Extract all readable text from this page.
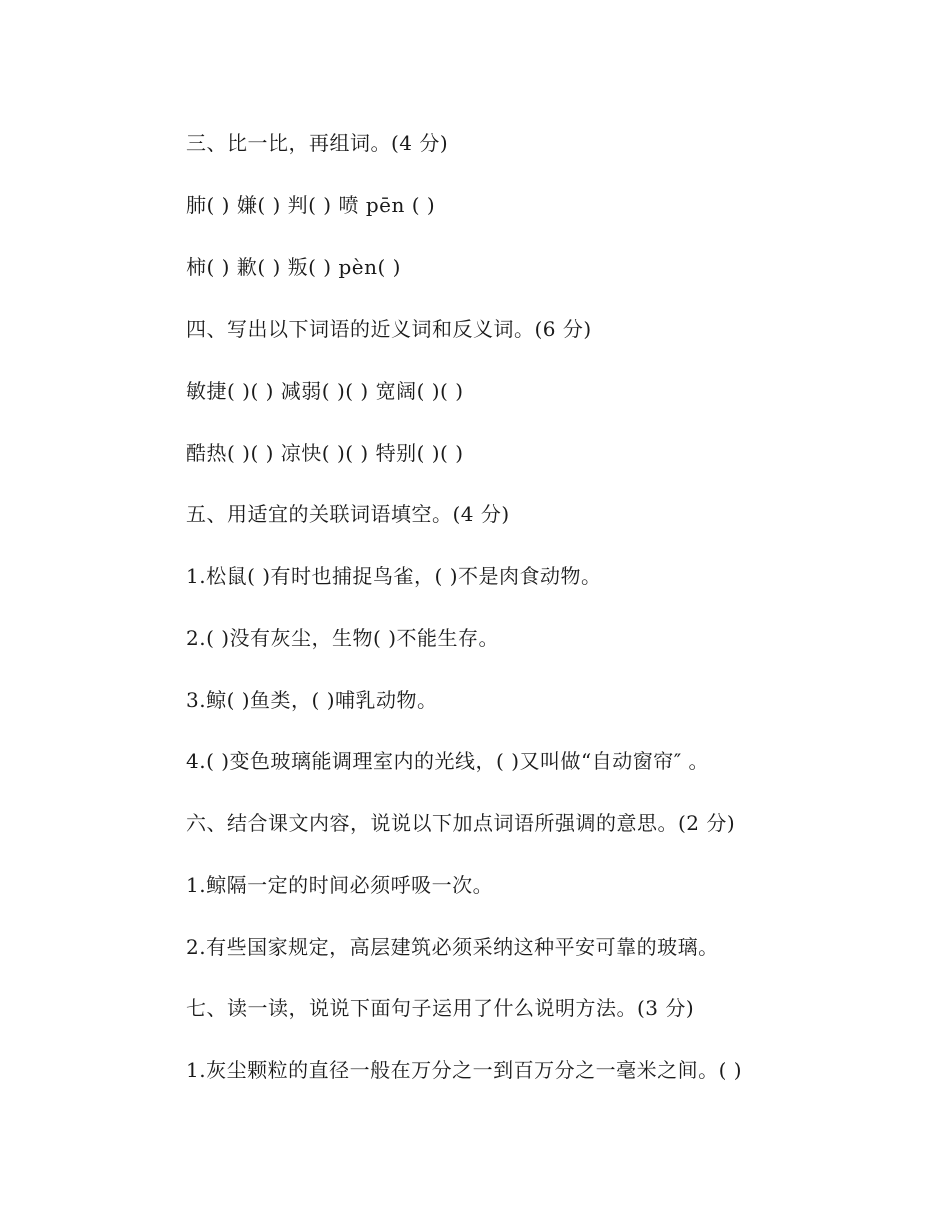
三、比一比，再组词。(4 分)
肺( ) 嫌( ) 判( ) 喷 pēn ( )
柿( ) 歉( ) 叛( ) pèn( )
四、写出以下词语的近义词和反义词。(6 分)
敏捷( )( ) 减弱( )( ) 宽阔( )( )
酷热( )( ) 凉快( )( ) 特别( )( )
五、用适宜的关联词语填空。(4 分)
1.松鼠( )有时也捕捉鸟雀，( )不是肉食动物。
2.( )没有灰尘，生物( )不能生存。
3.鲸( )鱼类，( )哺乳动物。
4.( )变色玻璃能调理室内的光线，( )又叫做“自动窗帘″ 。
六、结合课文内容，说说以下加点词语所强调的意思。(2 分)
1.鲸隔一定的时间必须呼吸一次。
2.有些国家规定，高层建筑必须采纳这种平安可靠的玻璃。
七、读一读，说说下面句子运用了什么说明方法。(3 分)
1.灰尘颗粒的直径一般在万分之一到百万分之一毫米之间。( )
